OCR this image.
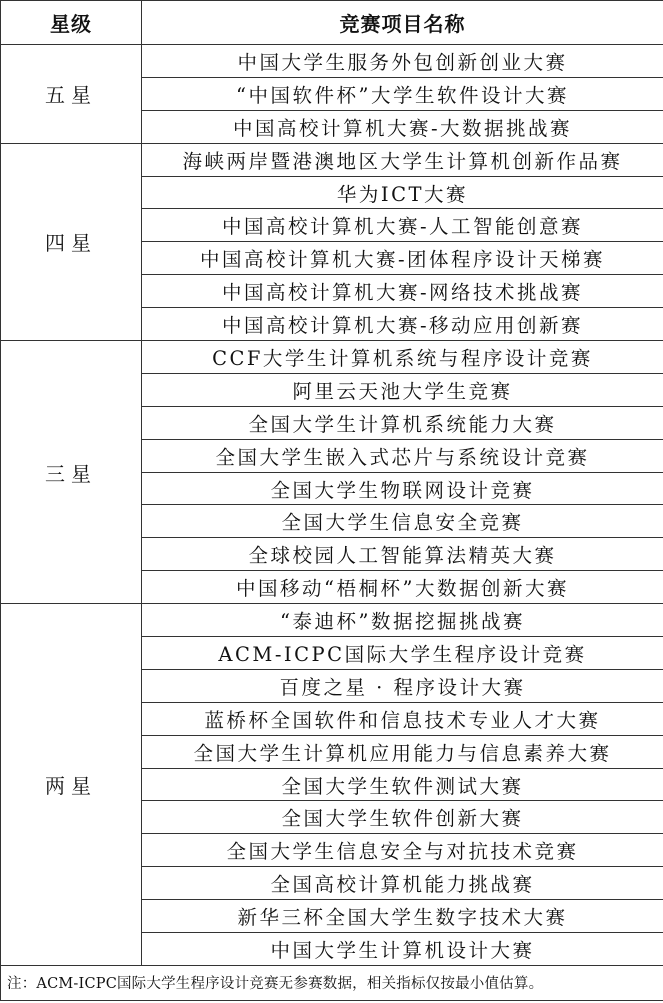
星级	竞赛项目名称
五星	中国大学生服务外包创新创业大赛
	“中国软件杯”大学生软件设计大赛
	中国高校计算机大赛-大数据挑战赛
四星	海峡两岸暨港澳地区大学生计算机创新作品赛
	华为ICT大赛
	中国高校计算机大赛-人工智能创意赛
	中国高校计算机大赛-团体程序设计天梯赛
	中国高校计算机大赛-网络技术挑战赛
	中国高校计算机大赛-移动应用创新赛
三星	CCF大学生计算机系统与程序设计竞赛
	阿里云天池大学生竞赛
	全国大学生计算机系统能力大赛
	全国大学生嵌入式芯片与系统设计竞赛
	全国大学生物联网设计竞赛
	全国大学生信息安全竞赛
	全球校园人工智能算法精英大赛
	中国移动“梧桐杯”大数据创新大赛
两星	“泰迪杯”数据挖掘挑战赛
	ACM-ICPC国际大学生程序设计竞赛
	百度之星 · 程序设计大赛
	蓝桥杯全国软件和信息技术专业人才大赛
	全国大学生计算机应用能力与信息素养大赛
	全国大学生软件测试大赛
	全国大学生软件创新大赛
	全国大学生信息安全与对抗技术竞赛
	全国高校计算机能力挑战赛
	新华三杯全国大学生数字技术大赛
	中国大学生计算机设计大赛
注：ACM-ICPC国际大学生程序设计竞赛无参赛数据，相关指标仅按最小值估算。	
